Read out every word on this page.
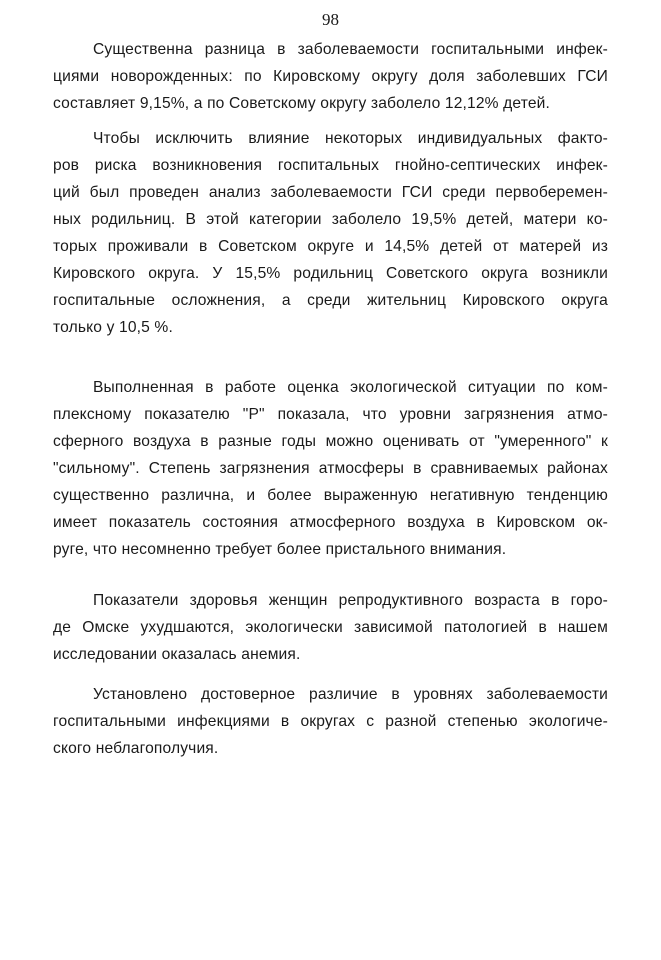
98
Существенна разница в заболеваемости госпитальными инфек-
циями новорожденных: по Кировскому округу доля заболевших ГСИ
составляет 9,15%, а по Советскому округу заболело 12,12% детей.
Чтобы исключить влияние некоторых индивидуальных факто-
ров риска возникновения госпитальных гнойно-септических инфек-
ций был проведен анализ заболеваемости ГСИ среди первоберемен-
ных родильниц. В этой категории заболело 19,5% детей, матери ко-
торых проживали в Советском округе и 14,5% детей от матерей из
Кировского округа. У 15,5% родильниц Советского округа возникли
госпитальные осложнения, а среди жительниц Кировского округа
только у 10,5 %.
Выполненная в работе оценка экологической ситуации по ком-
плексному показателю "Р" показала, что уровни загрязнения атмо-
сферного воздуха в разные годы можно оценивать от "умеренного" к
"сильному". Степень загрязнения атмосферы в сравниваемых районах
существенно различна, и более выраженную негативную тенденцию
имеет показатель состояния атмосферного воздуха в Кировском ок-
руге, что несомненно требует более пристального внимания.
Показатели здоровья женщин репродуктивного возраста в горо-
де Омске ухудшаются, экологически зависимой патологией в нашем
исследовании оказалась анемия.
Установлено достоверное различие в уровнях заболеваемости
госпитальными инфекциями в округах с разной степенью экологиче-
ского неблагополучия.
